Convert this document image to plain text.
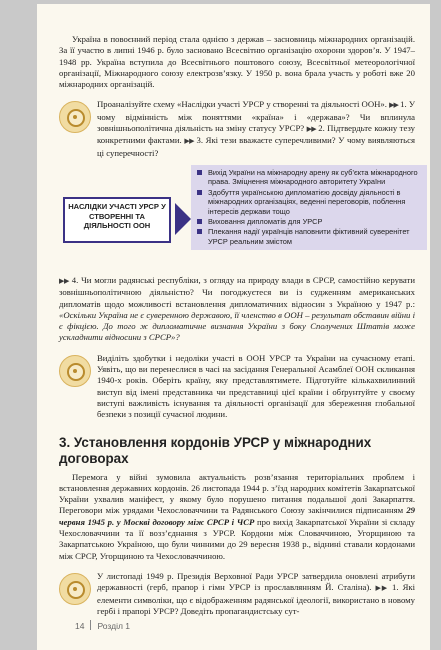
Україна в повоєнний період стала однією з держав – засновниць міжнародних організацій. За її участю в липні 1946 р. було засновано Всесвітню організацію охорони здоров’я. У 1947–1948 рр. Україна вступила до Всесвітнього поштового союзу, Всесвітньої метеорологічної організації, Міжнародного союзу електрозв’язку. У 1950 р. вона брала участь у роботі вже 20 міжнародних організацій.

Проаналізуйте схему «Наслідки участі УРСР у створенні та діяльності ООН». ▶▶ 1. У чому відмінність між поняттями «країна» і «держава»? Чи вплинула зовнішньополітична діяльність на зміну статусу УРСР? ▶▶ 2. Підтвердьте кожну тезу конкретними фактами. ▶▶ 3. Які тези вважаєте суперечливими? У чому виявляються ці суперечності?

НАСЛІДКИ УЧАСТІ УРСР У СТВОРЕННІ ТА ДІЯЛЬНОСТІ ООН
Вихід України на міжнародну арену як суб’єкта міжнародного права. Зміцнення міжнародного авторитету України
Здобуття українською дипломатією досвіду діяльності в міжнародних організаціях, веденні переговорів, поблення інтересів держави тощо
Виховання дипломатів для УРСР
Плекання надії українців наповнити фіктивний суверенітет УРСР реальним змістом

▶▶ 4. Чи могли радянські республіки, з огляду на природу влади в СРСР, самостійно керувати зовнішньополітичною діяльністю? Чи погоджуєтеся ви із судженням американських дипломатів щодо можливості встановлення дипломатичних відносин з Україною у 1947 р.: «Оскільки Україна не є суверенною державою, її членство в ООН – результат обставин війни і є фікцією. До того ж дипломатичне визнання України з боку Сполучених Штатів може ускладнити відносини з СРСР»?

Виділіть здобутки і недоліки участі в ООН УРСР та України на сучасному етапі. Уявіть, що ви перенеслися в часі на засідання Генеральної Асамблеї ООН скликання 1940-х років. Оберіть країну, яку представлятимете. Підготуйте кількахвилинний виступ від імені представника чи представниці цієї країни і обґрунтуйте у своєму виступі важливість існування та діяльності організації для збереження глобальної безпеки з позиції сучасної людини.

3. Установлення кордонів УРСР у міжнародних договорах

Перемога у війні зумовила актуальність розв’язання територіальних проблем і встановлення державних кордонів. 26 листопада 1944 р. з’їзд народних комітетів Закарпатської України ухвалив маніфест, у якому було порушено питання подальшої долі Закарпаття. Переговори між урядами Чехословаччини та Радянського Союзу закінчилися підписанням 29 червня 1945 р. у Москві договору між СРСР і ЧСР про вихід Закарпатської України зі складу Чехословаччини та її возз’єднання з УРСР. Кордони між Словаччиною, Угорщиною та Закарпатською Україною, що були чинними до 29 вересня 1938 р., віднині ставали кордонами між СРСР, Угорщиною та Чехословаччиною.

У листопаді 1949 р. Президія Верховної Ради УРСР затвердила оновлені атрибути державності (герб, прапор і гімн УРСР із прославлянням Й. Сталіна). ▶▶ 1. Які елементи символіки, що є відображенням радянської ідеології, використано в новому гербі і прапорі УРСР? Доведіть пропагандистську сут-

14 Розділ 1
